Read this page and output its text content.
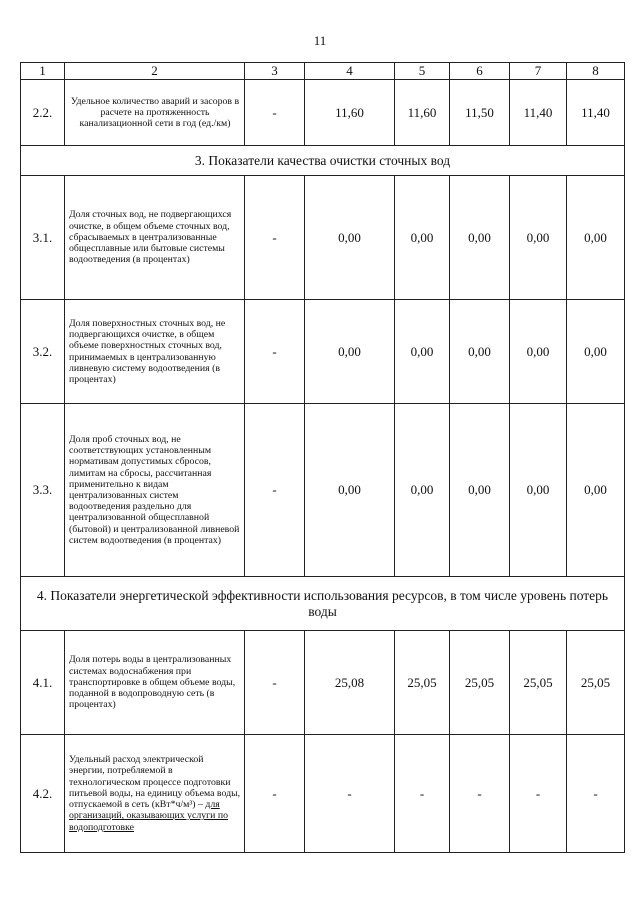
11
1	2	3	4	5	6	7	8
2.2.	Удельное количество аварий и засоров в расчете на протяженность канализационной сети в год (ед./км)	-	11,60	11,60	11,50	11,40	11,40
3. Показатели качества очистки сточных вод							
3.1.	Доля сточных вод, не подвергающихся очистке, в общем объеме сточных вод, сбрасываемых в централизованные общесплавные или бытовые системы водоотведения (в процентах)	-	0,00	0,00	0,00	0,00	0,00
3.2.	Доля поверхностных сточных вод, не подвергающихся очистке, в общем объеме поверхностных сточных вод, принимаемых в централизованную ливневую систему водоотведения (в процентах)	-	0,00	0,00	0,00	0,00	0,00
3.3.	Доля проб сточных вод, не соответствующих установленным нормативам допустимых сбросов, лимитам на сбросы, рассчитанная применительно к видам централизованных систем водоотведения раздельно для централизованной общесплавной (бытовой) и централизованной ливневой систем водоотведения (в процентах)	-	0,00	0,00	0,00	0,00	0,00
4. Показатели энергетической эффективности использования ресурсов, в том числе уровень потерь воды							
4.1.	Доля потерь воды в централизованных системах водоснабжения при транспортировке в общем объеме воды, поданной в водопроводную сеть (в процентах)	-	25,08	25,05	25,05	25,05	25,05
4.2.	Удельный расход электрической энергии, потребляемой в технологическом процессе подготовки питьевой воды, на единицу объема воды, отпускаемой в сеть (кВт*ч/м³) – для организаций, оказывающих услуги по водоподготовке	-	-	-	-	-	-
